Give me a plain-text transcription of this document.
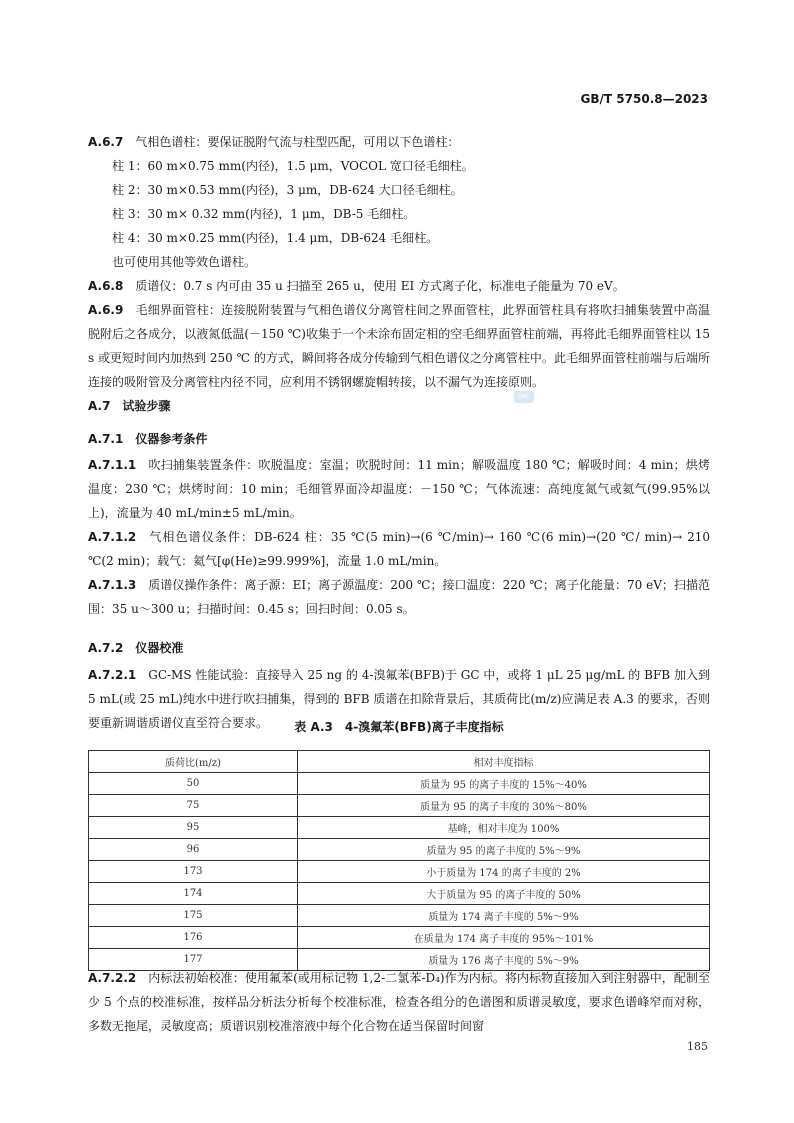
GB/T 5750.8—2023

A.6.7 气相色谱柱：要保证脱附气流与柱型匹配，可用以下色谱柱：

柱 1：60 m×0.75 mm(内径)，1.5 μm，VOCOL 宽口径毛细柱。

柱 2：30 m×0.53 mm(内径)，3 μm，DB-624 大口径毛细柱。

柱 3：30 m× 0.32 mm(内径)，1 μm，DB-5 毛细柱。

柱 4：30 m×0.25 mm(内径)，1.4 μm，DB-624 毛细柱。

也可使用其他等效色谱柱。

A.6.8 质谱仪：0.7 s 内可由 35 u 扫描至 265 u，使用 EI 方式离子化，标准电子能量为 70 eV。

A.6.9 毛细界面管柱：连接脱附装置与气相色谱仪分离管柱间之界面管柱，此界面管柱具有将吹扫捕集装置中高温脱附后之各成分，以液氮低温(－150 ℃)收集于一个未涂布固定相的空毛细界面管柱前端，再将此毛细界面管柱以 15 s 或更短时间内加热到 250 ℃ 的方式，瞬间将各成分传输到气相色谱仪之分离管柱中。此毛细界面管柱前端与后端所连接的吸附管及分离管柱内径不同，应利用不锈钢螺旋帽转接，以不漏气为连接原则。

SAC
A.7 试验步骤
A.7.1 仪器参考条件

A.7.1.1 吹扫捕集装置条件：吹脱温度：室温；吹脱时间：11 min；解吸温度 180 ℃；解吸时间：4 min；烘烤温度：230 ℃；烘烤时间：10 min；毛细管界面冷却温度：－150 ℃；气体流速：高纯度氮气或氦气(99.95%以上)，流量为 40 mL/min±5 mL/min。

A.7.1.2 气相色谱仪条件：DB-624 柱：35 ℃(5 min)→(6 ℃/min)→ 160 ℃(6 min)→(20 ℃/ min)→ 210 ℃(2 min)；载气：氦气[φ(He)≥99.999%]，流量 1.0 mL/min。

A.7.1.3 质谱仪操作条件：离子源：EI；离子源温度：200 ℃；接口温度：220 ℃；离子化能量：70 eV；扫描范围：35 u～300 u；扫描时间：0.45 s；回扫时间：0.05 s。

A.7.2 仪器校准

A.7.2.1 GC-MS 性能试验：直接导入 25 ng 的 4-溴氟苯(BFB)于 GC 中，或将 1 μL 25 μg/mL 的 BFB 加入到 5 mL(或 25 mL)纯水中进行吹扫捕集，得到的 BFB 质谱在扣除背景后，其质荷比(m/z)应满足表 A.3 的要求，否则要重新调谐质谱仪直至符合要求。	表 A.3　4-溴氟苯(BFB)离子丰度指标
质荷比(m/z)	相对丰度指标
50	质量为 95 的离子丰度的 15%～40%
75	质量为 95 的离子丰度的 30%～80%
95	基峰，相对丰度为 100%
96	质量为 95 的离子丰度的 5%～9%
173	小于质量为 174 的离子丰度的 2%
174	大于质量为 95 的离子丰度的 50%
175	质量为 174 离子丰度的 5%～9%
176	在质量为 174 离子丰度的 95%～101%
177	质量为 176 离子丰度的 5%～9%

A.7.2.2 内标法初始校准：使用氟苯(或用标记物 1,2-二氯苯-D₄)作为内标。将内标物直接加入到注射器中，配制至少 5 个点的校准标准，按样品分析法分析每个校准标准，检查各组分的色谱图和质谱灵敏度，要求色谱峰窄而对称，多数无拖尾，灵敏度高；质谱识别校准溶液中每个化合物在适当保留时间窗

185
